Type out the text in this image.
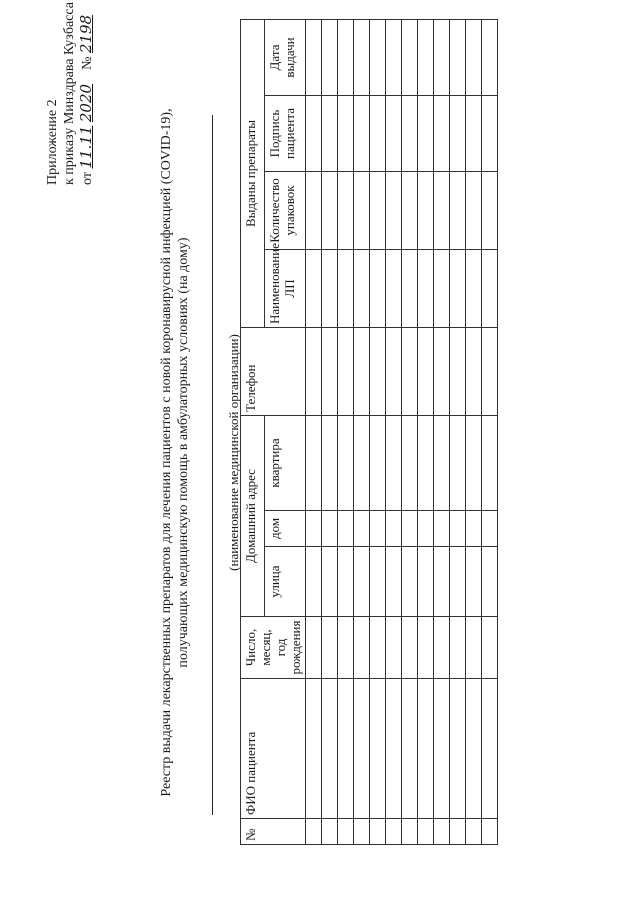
Приложение 2 к приказу Минздрава Кузбасса от 11.11 2020    № 2198
Реестр выдачи лекарственных препаратов для лечения пациентов с новой коронавирусной инфекцией (COVID-19), получающих медицинскую помощь в амбулаторных условиях (на дому)	(наименование медицинской организации)
№	ФИО пациента	Число, месяц, год рождения	Домашний адрес			Телефон	Выданы препараты			
			улица	дом	квартира		Наименование ЛП	Количество упаковок	Подпись пациента	Дата выдачи
